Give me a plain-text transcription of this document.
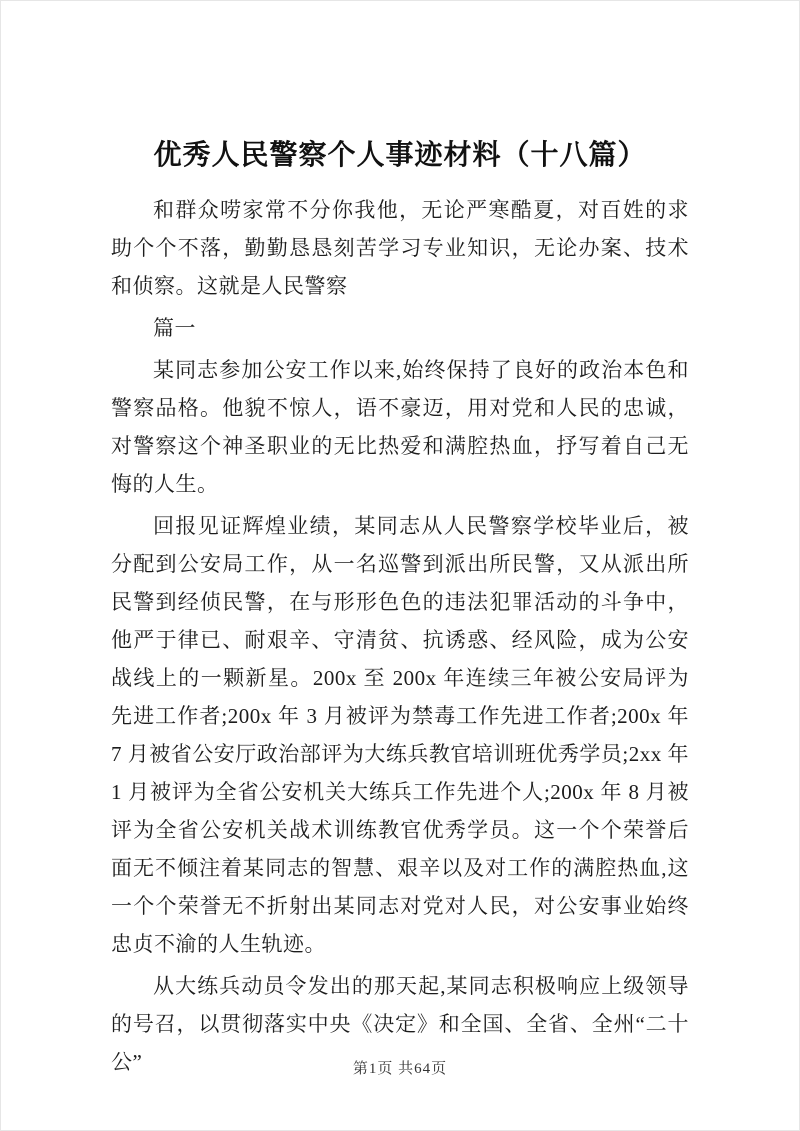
优秀人民警察个人事迹材料（十八篇）

和群众唠家常不分你我他，无论严寒酷夏，对百姓的求助个个不落，勤勤恳恳刻苦学习专业知识，无论办案、技术和侦察。这就是人民警察

篇一

某同志参加公安工作以来,始终保持了良好的政治本色和警察品格。他貌不惊人，语不豪迈，用对党和人民的忠诚，对警察这个神圣职业的无比热爱和满腔热血，抒写着自己无悔的人生。

回报见证辉煌业绩，某同志从人民警察学校毕业后，被分配到公安局工作，从一名巡警到派出所民警，又从派出所民警到经侦民警，在与形形色色的违法犯罪活动的斗争中，他严于律已、耐艰辛、守清贫、抗诱惑、经风险，成为公安战线上的一颗新星。200x 至 200x 年连续三年被公安局评为先进工作者;200x 年 3 月被评为禁毒工作先进工作者;200x 年 7 月被省公安厅政治部评为大练兵教官培训班优秀学员;2xx 年 1 月被评为全省公安机关大练兵工作先进个人;200x 年 8 月被评为全省公安机关战术训练教官优秀学员。这一个个荣誉后面无不倾注着某同志的智慧、艰辛以及对工作的满腔热血,这一个个荣誉无不折射出某同志对党对人民，对公安事业始终忠贞不渝的人生轨迹。

从大练兵动员令发出的那天起,某同志积极响应上级领导的号召，以贯彻落实中央《决定》和全国、全省、全州“二十公”	第1页 共64页
